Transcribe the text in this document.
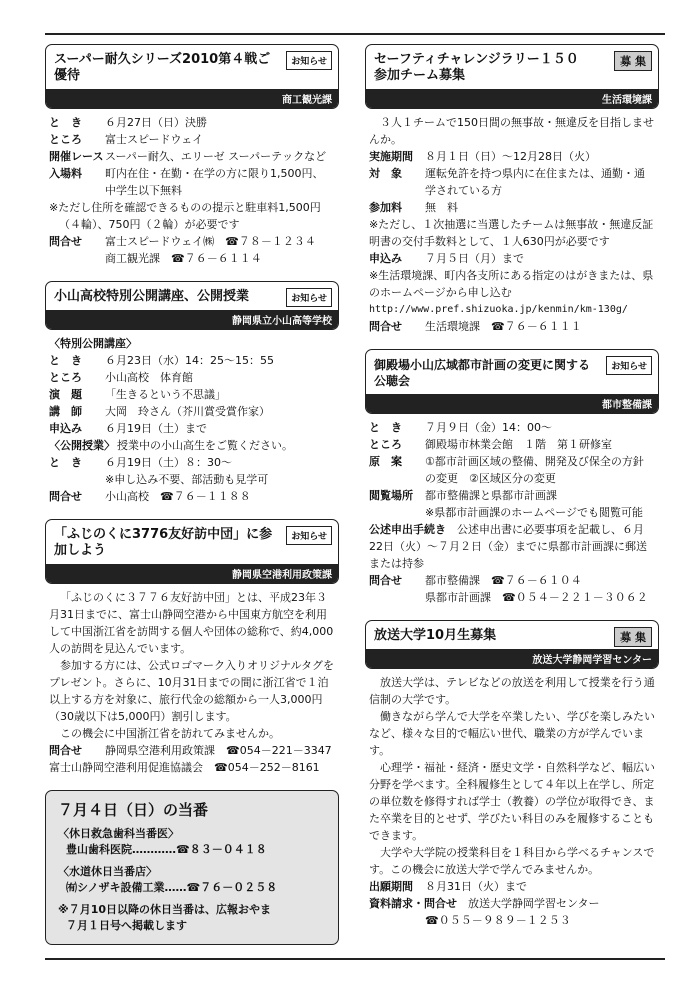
スーパー耐久シリーズ2010第４戦ご優待
お知らせ
商工観光課
と　き	６月27日（日）決勝
ところ	富士スピードウェイ
開催レース スーパー耐久、エリーゼ スーパーテックなど
入場料	町内在住・在勤・在学の方に限り1,500円、
中学生以下無料
※ただし住所を確認できるものの提示と駐車料1,500円
（４輪）、750円（２輪）が必要です
問合せ	富士スピードウェイ㈱　☎７８－１２３４
商工観光課　☎７６－６１１４
小山高校特別公開講座、公開授業	お知らせ
静岡県立小山高等学校
〈特別公開講座〉
と　き	６月23日（水）14：25～15：55
ところ	小山高校　体育館
演　題	「生きるという不思議」
講　師	大岡　玲さん（芥川賞受賞作家）
申込み	６月19日（土）まで
〈公開授業〉 授業中の小山高生をご覧ください。
と　き	６月19日（土）８：30～
※申し込み不要、部活動も見学可
問合せ	小山高校　☎７６－１１８８
「ふじのくに3776友好訪中団」に参加しよう
お知らせ
静岡県空港利用政策課
「ふじのくに３７７６友好訪中団」とは、平成23年３月31日までに、富士山静岡空港から中国東方航空を利用して中国浙江省を訪問する個人や団体の総称で、約4,000人の訪問を見込んでいます。
参加する方には、公式ロゴマーク入りオリジナルタグをプレゼント。さらに、10月31日までの間に浙江省で１泊以上する方を対象に、旅行代金の総額から一人3,000円（30歳以下は5,000円）割引します。
この機会に中国浙江省を訪れてみませんか。
問合せ	静岡県空港利用政策課　☎054－221－3347
富士山静岡空港利用促進協議会　☎054－252－8161
７月４日（日）の当番
〈休日救急歯科当番医〉
豊山歯科医院…………☎８３－０４１８
〈水道休日当番店〉
㈲シノザキ設備工業……☎７６－０２５８
※７月10日以降の休日当番は、広報おやま
７月１日号へ掲載します
セーフティチャレンジラリー１５０
参加チーム募集
募 集
生活環境課
３人１チームで150日間の無事故・無違反を目指しませんか。
実施期間	８月１日（日）～12月28日（火）
対　象	運転免許を持つ県内に在住または、通勤・通学されている方
参加料	無　料
※ただし、１次抽選に当選したチームは無事故・無違反証明書の交付手数料として、１人630円が必要です
申込み	７月５日（月）まで
※生活環境課、町内各支所にある指定のはがきまたは、県のホームページから申し込む
http://www.pref.shizuoka.jp/kenmin/km-130g/
問合せ	生活環境課　☎７６－６１１１
御殿場小山広域都市計画の変更に関する公聴会
お知らせ
都市整備課
と　き	７月９日（金）14：00～
ところ	御殿場市林業会館　１階　第１研修室
原　案	①都市計画区域の整備、開発及び保全の方針
の変更　②区域区分の変更
閲覧場所	都市整備課と県都市計画課
※県都市計画課のホームページでも閲覧可能
公述申出手続き　 公述申出書に必要事項を記載し、６月22日（火）～７月２日（金）までに県都市計画課に郵送または持参
問合せ	都市整備課　☎７６－６１０４
県都市計画課　☎０５４－２２１－３０６２
放送大学10月生募集	募 集
放送大学静岡学習センター
放送大学は、テレビなどの放送を利用して授業を行う通信制の大学です。
働きながら学んで大学を卒業したい、学びを楽しみたいなど、様々な目的で幅広い世代、職業の方が学んでいます。
心理学・福祉・経済・歴史文学・自然科学など、幅広い分野を学べます。全科履修生として４年以上在学し、所定の単位数を修得すれば学士（教養）の学位が取得でき、また卒業を目的とせず、学びたい科目のみを履修することもできます。
大学や大学院の授業科目を１科目から学べるチャンスです。この機会に放送大学で学んでみませんか。
出願期間	８月31日（火）まで
資料請求・問合せ　 放送大学静岡学習センター
☎０５５－９８９－１２５３
